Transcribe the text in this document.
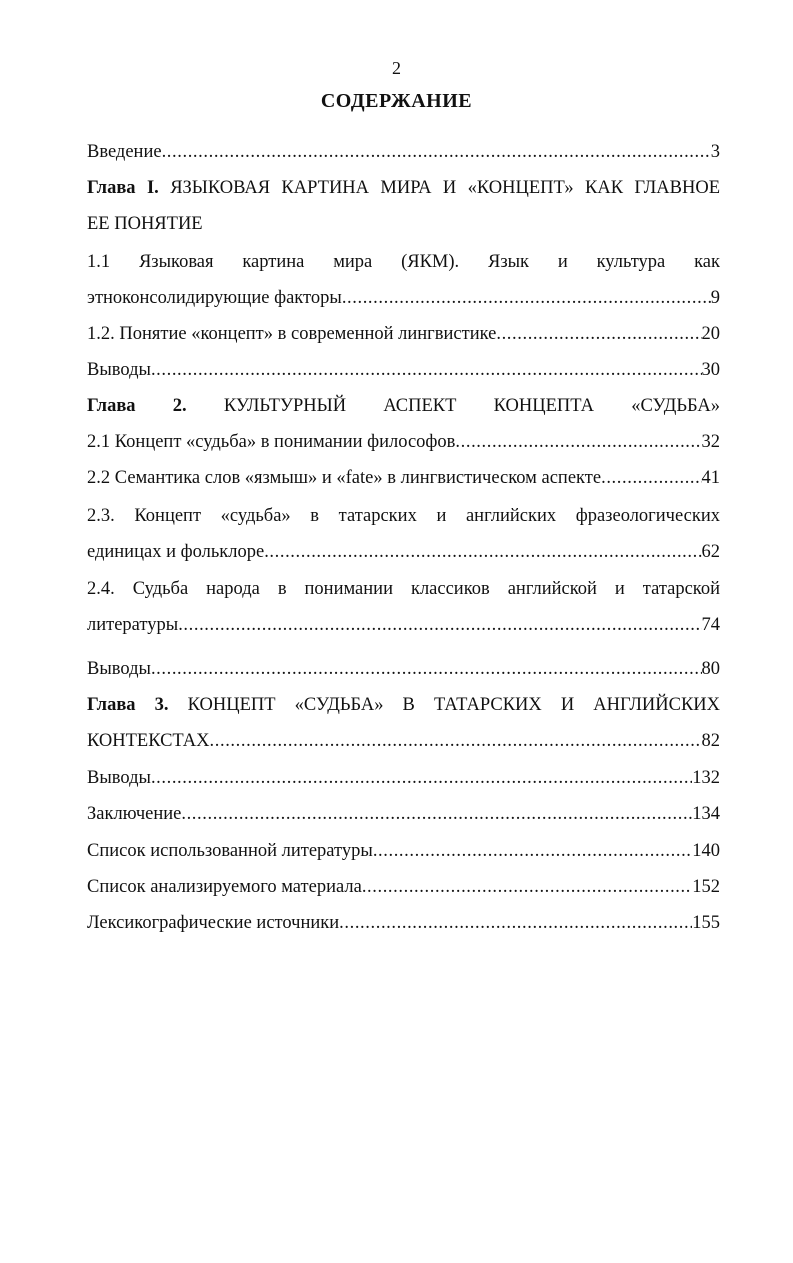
2
СОДЕРЖАНИЕ
Введение .....	3
Глава I. ЯЗЫКОВАЯ КАРТИНА МИРА И «КОНЦЕПТ» КАК ГЛАВНОЕ
ЕЕ ПОНЯТИЕ
1.1 Языковая картина мира (ЯКМ). Язык и культура как
этноконсолидирующие факторы .....	9
1.2. Понятие «концепт» в современной лингвистике .....	20
Выводы .....	30
Глава 2. КУЛЬТУРНЫЙ АСПЕКТ КОНЦЕПТА «СУДЬБА»
2.1 Концепт «судьба» в понимании философов .....	32
2.2 Семантика слов «язмыш» и «fate» в лингвистическом аспекте .....	41
2.3. Концепт «судьба» в татарских и английских фразеологических
единицах и фольклоре .....	62
2.4. Судьба народа в понимании классиков английской и татарской
литературы .....	74
Выводы .....	80
Глава 3. КОНЦЕПТ «СУДЬБА» В ТАТАРСКИХ И АНГЛИЙСКИХ
КОНТЕКСТАХ .....	82
Выводы .....	132
Заключение .....	134
Список использованной литературы .....	140
Список анализируемого материала .....	152
Лексикографические источники .....	155
